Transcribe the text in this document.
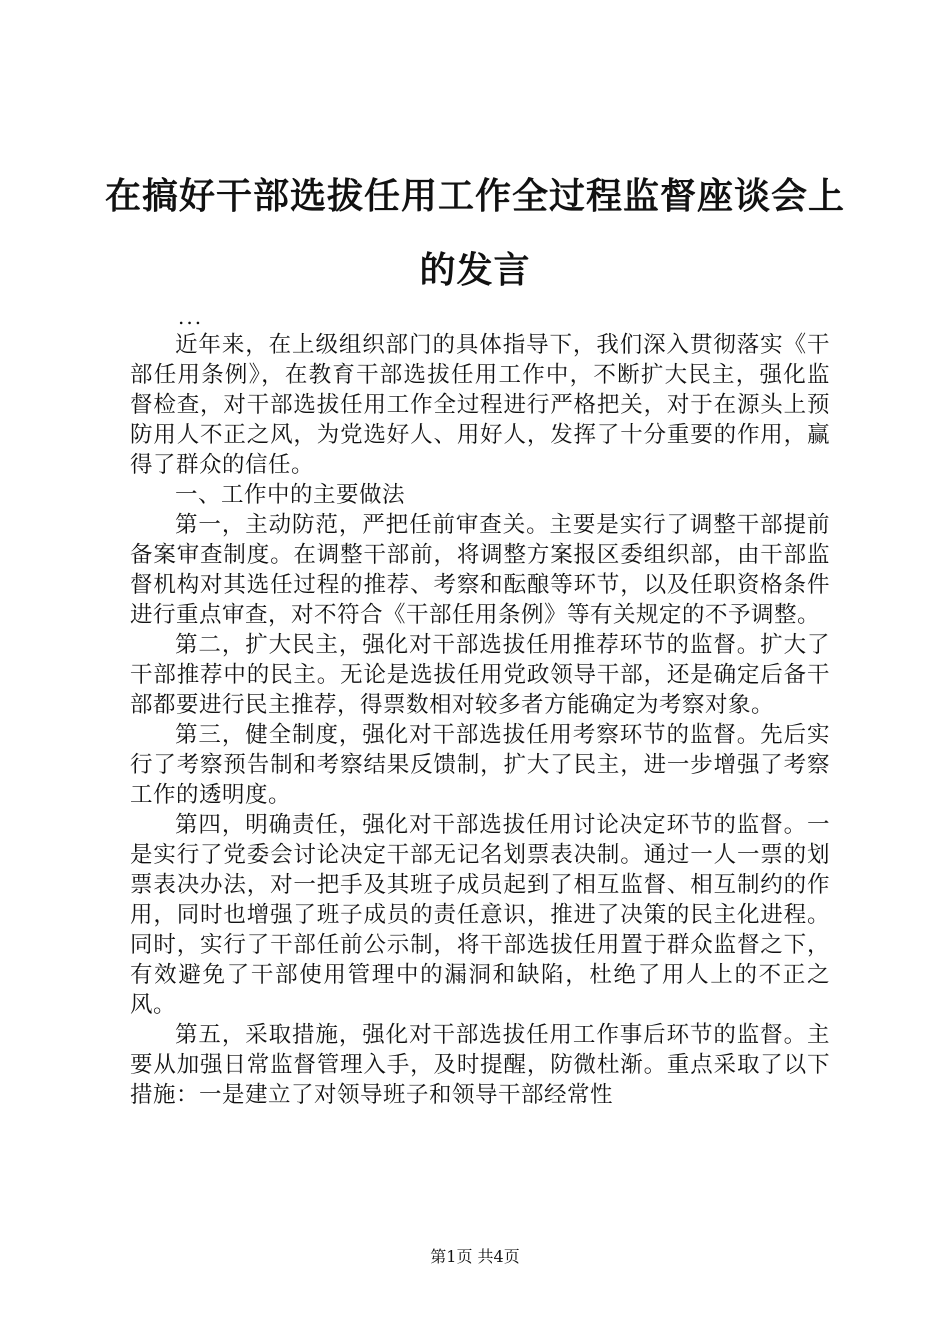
在搞好干部选拔任用工作全过程监督座谈会上的发言

...

近年来，在上级组织部门的具体指导下，我们深入贯彻落实《干部任用条例》，在教育干部选拔任用工作中，不断扩大民主，强化监督检查，对干部选拔任用工作全过程进行严格把关，对于在源头上预防用人不正之风，为党选好人、用好人，发挥了十分重要的作用，赢得了群众的信任。

一、工作中的主要做法

第一，主动防范，严把任前审查关。主要是实行了调整干部提前备案审查制度。在调整干部前，将调整方案报区委组织部，由干部监督机构对其选任过程的推荐、考察和酝酿等环节，以及任职资格条件进行重点审查，对不符合《干部任用条例》等有关规定的不予调整。

第二，扩大民主，强化对干部选拔任用推荐环节的监督。扩大了干部推荐中的民主。无论是选拔任用党政领导干部，还是确定后备干部都要进行民主推荐，得票数相对较多者方能确定为考察对象。

第三，健全制度，强化对干部选拔任用考察环节的监督。先后实行了考察预告制和考察结果反馈制，扩大了民主，进一步增强了考察工作的透明度。

第四，明确责任，强化对干部选拔任用讨论决定环节的监督。一是实行了党委会讨论决定干部无记名划票表决制。通过一人一票的划票表决办法，对一把手及其班子成员起到了相互监督、相互制约的作用，同时也增强了班子成员的责任意识，推进了决策的民主化进程。同时，实行了干部任前公示制，将干部选拔任用置于群众监督之下，有效避免了干部使用管理中的漏洞和缺陷，杜绝了用人上的不正之风。

第五，采取措施，强化对干部选拔任用工作事后环节的监督。主要从加强日常监督管理入手，及时提醒，防微杜渐。重点采取了以下措施：一是建立了对领导班子和领导干部经常性

第1页 共4页
